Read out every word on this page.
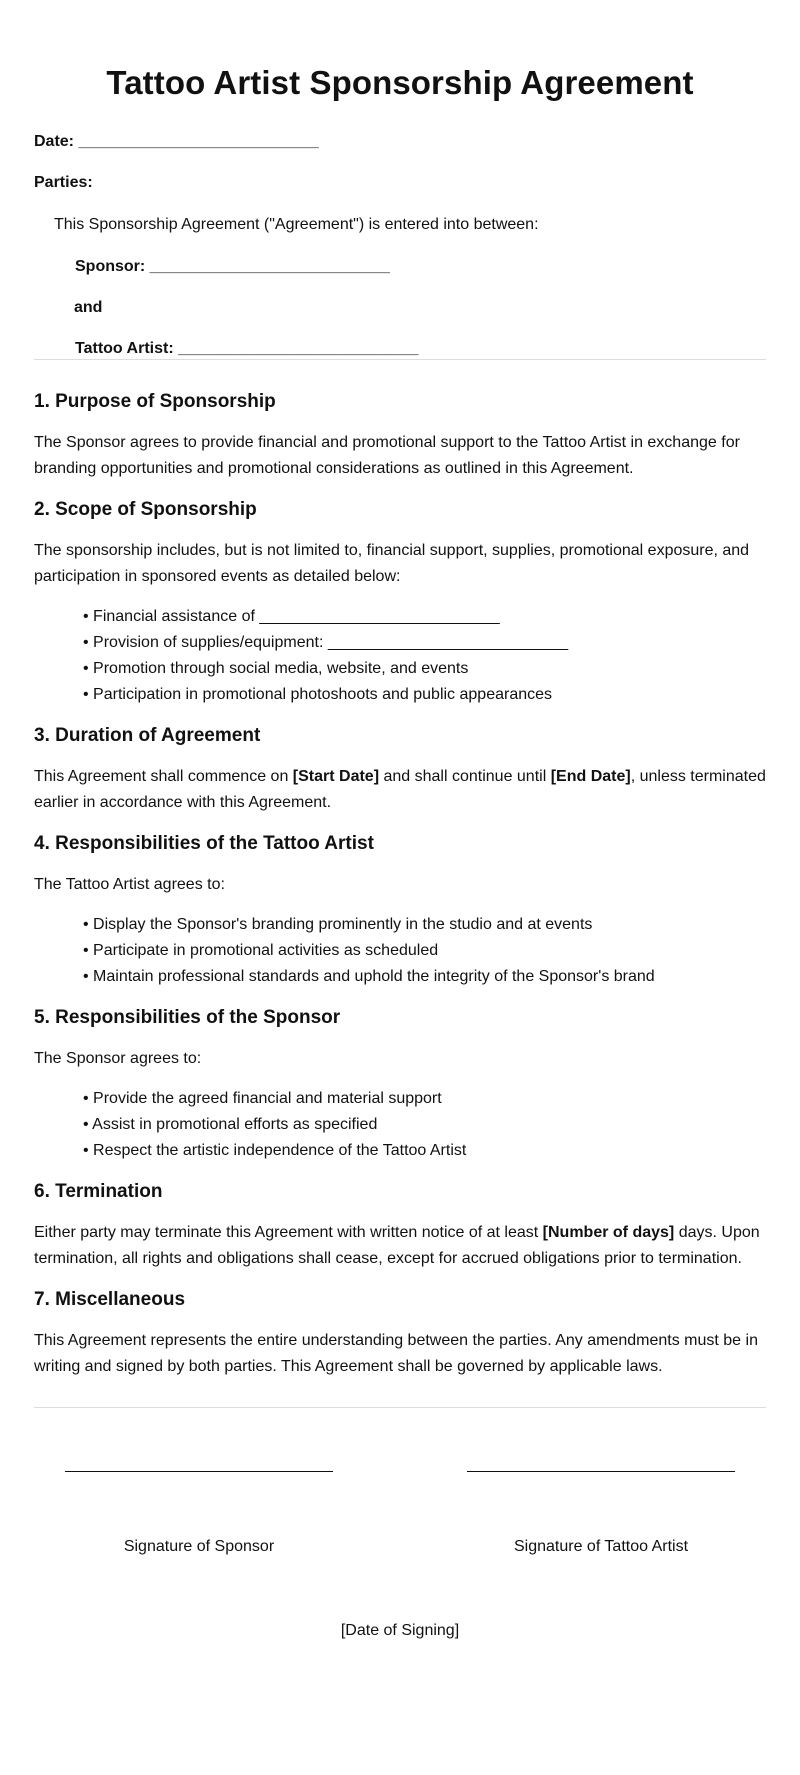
Tattoo Artist Sponsorship Agreement
Date: ___________________________
Parties:
This Sponsorship Agreement ("Agreement") is entered into between:
Sponsor: ___________________________
and
Tattoo Artist: ___________________________
1. Purpose of Sponsorship

The Sponsor agrees to provide financial and promotional support to the Tattoo Artist in exchange for branding opportunities and promotional considerations as outlined in this Agreement.

2. Scope of Sponsorship

The sponsorship includes, but is not limited to, financial support, supplies, promotional exposure, and participation in sponsored events as detailed below:

• Financial assistance of ___________________________
• Provision of supplies/equipment: ___________________________
• Promotion through social media, website, and events
• Participation in promotional photoshoots and public appearances
3. Duration of Agreement

This Agreement shall commence on [Start Date] and shall continue until [End Date], unless terminated earlier in accordance with this Agreement.

4. Responsibilities of the Tattoo Artist

The Tattoo Artist agrees to:

• Display the Sponsor's branding prominently in the studio and at events
• Participate in promotional activities as scheduled
• Maintain professional standards and uphold the integrity of the Sponsor's brand
5. Responsibilities of the Sponsor

The Sponsor agrees to:

• Provide the agreed financial and material support
• Assist in promotional efforts as specified
• Respect the artistic independence of the Tattoo Artist
6. Termination

Either party may terminate this Agreement with written notice of at least [Number of days] days. Upon termination, all rights and obligations shall cease, except for accrued obligations prior to termination.

7. Miscellaneous

This Agreement represents the entire understanding between the parties. Any amendments must be in writing and signed by both parties. This Agreement shall be governed by applicable laws.

Signature of Sponsor	Signature of Tattoo Artist
[Date of Signing]
